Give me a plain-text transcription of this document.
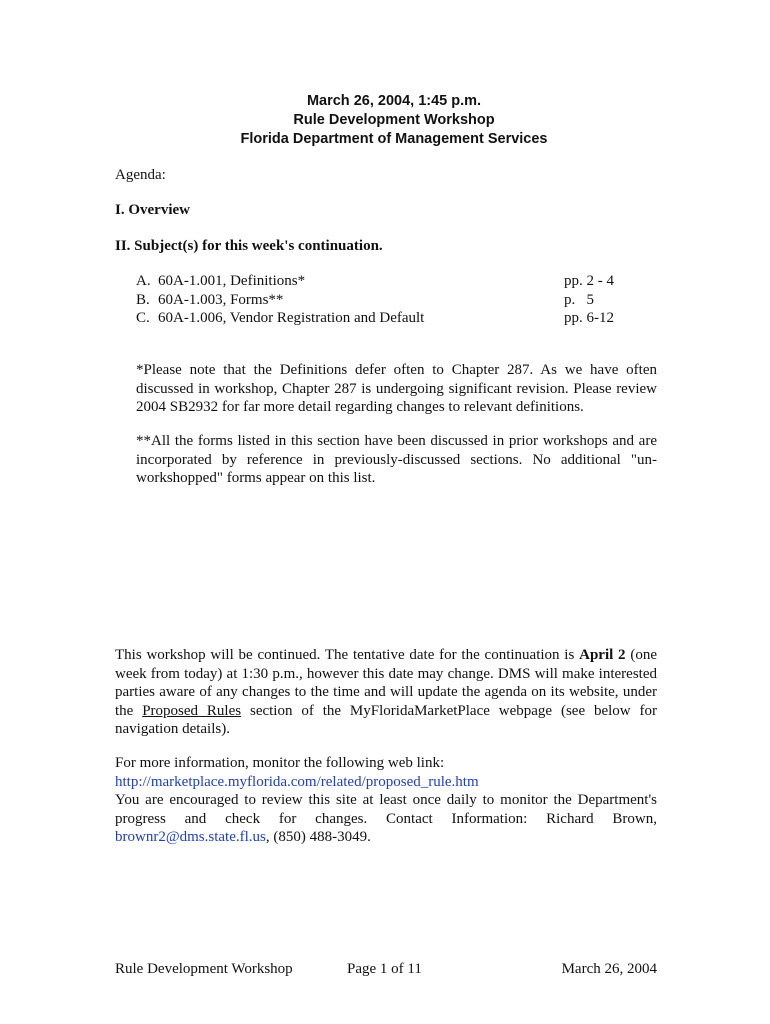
March 26, 2004, 1:45 p.m.
Rule Development Workshop
Florida Department of Management Services
Agenda:
I. Overview
II. Subject(s) for this week's continuation.
A. 60A-1.001, Definitions*	pp. 2 - 4
B. 60A-1.003, Forms**	p.   5
C. 60A-1.006, Vendor Registration and Default	pp. 6-12
*Please note that the Definitions defer often to Chapter 287. As we have often discussed in workshop, Chapter 287 is undergoing significant revision. Please review 2004 SB2932 for far more detail regarding changes to relevant definitions.
**All the forms listed in this section have been discussed in prior workshops and are incorporated by reference in previously-discussed sections. No additional "un-workshopped" forms appear on this list.
This workshop will be continued. The tentative date for the continuation is April 2 (one week from today) at 1:30 p.m., however this date may change. DMS will make interested parties aware of any changes to the time and will update the agenda on its website, under the Proposed Rules section of the MyFloridaMarketPlace webpage (see below for navigation details).
For more information, monitor the following web link:
http://marketplace.myflorida.com/related/proposed_rule.htm
You are encouraged to review this site at least once daily to monitor the Department's progress and check for changes. Contact Information: Richard Brown, brownr2@dms.state.fl.us, (850) 488-3049.
Rule Development Workshop	Page 1 of 11	March 26, 2004
